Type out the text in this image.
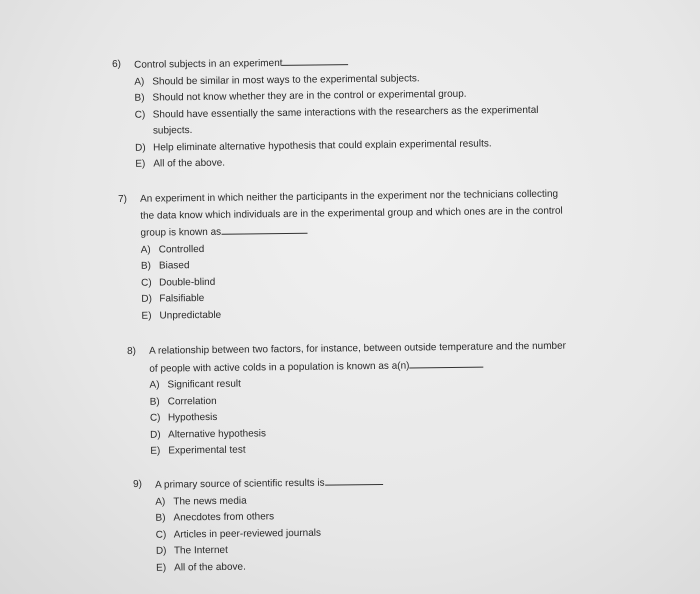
6)	Control subjects in an experiment
A) Should be similar in most ways to the experimental subjects.
B) Should not know whether they are in the control or experimental group.
C) Should have essentially the same interactions with the researchers as the experimental
subjects.
D) Help eliminate alternative hypothesis that could explain experimental results.
E) All of the above.
7)	An experiment in which neither the participants in the experiment nor the technicians collecting
the data know which individuals are in the experimental group and which ones are in the control
group is known as
A) Controlled
B) Biased
C) Double-blind
D) Falsifiable
E) Unpredictable
8)	A relationship between two factors, for instance, between outside temperature and the number
of people with active colds in a population is known as a(n)
A) Significant result
B) Correlation
C) Hypothesis
D) Alternative hypothesis
E) Experimental test
9)	A primary source of scientific results is
A) The news media
B) Anecdotes from others
C) Articles in peer-reviewed journals
D) The Internet
E) All of the above.
